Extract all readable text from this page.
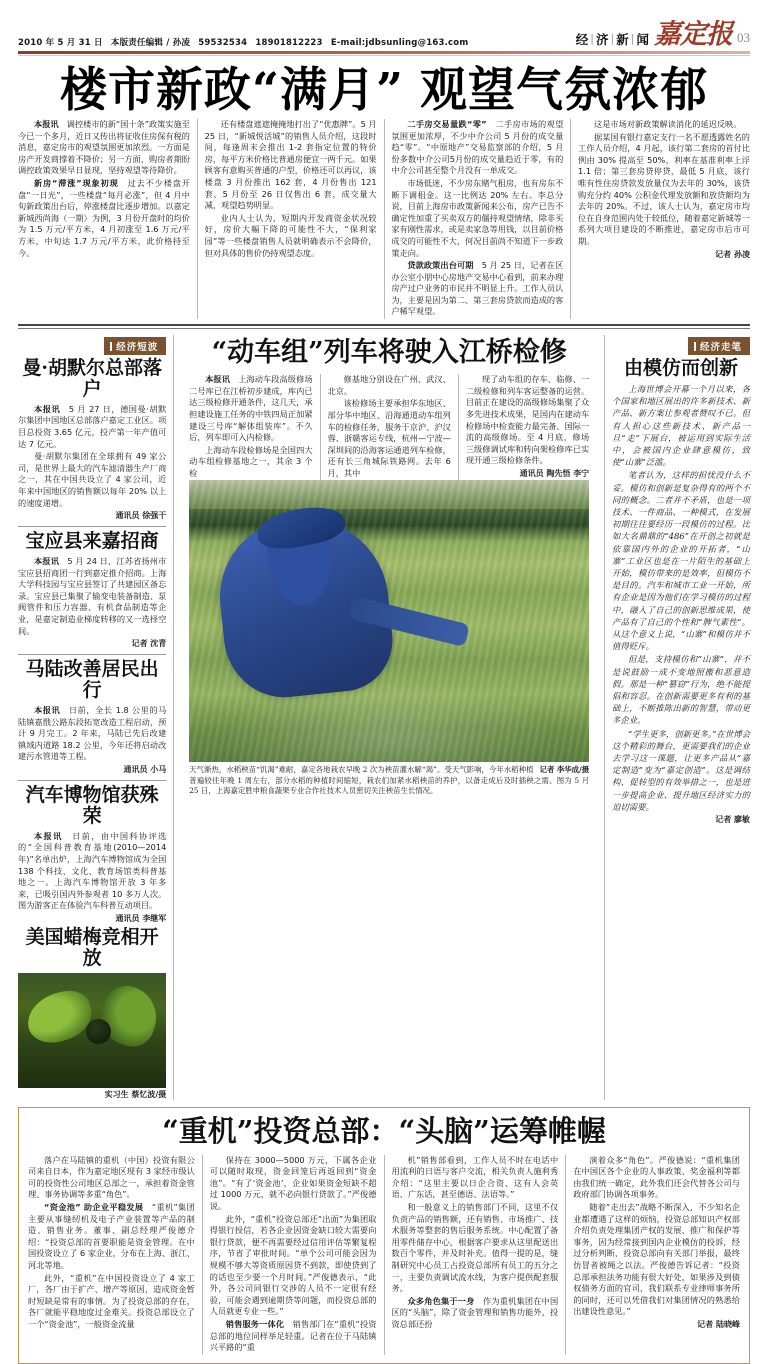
2010 年 5 月 31 日 本版责任编辑 / 孙凌 59532534 18901812223 E-mail:jdbsunling@163.com	经 | 济 | 新 | 闻 嘉定报 03
楼市新政“满月” 观望气氛浓郁

本报讯　调控楼市的新“国十条”政策实施至今已一个多月，近日又传出将征收住房保有税的消息，嘉定房市的观望氛围更加浓烈。一方面是房产开发商撑着不降价；另一方面，购房者期盼调控政策效果早日显现，坚持观望等待降价。

新房“滞涨”现象初现　过去不少楼盘开盘“一日光”，一些楼盘“每月必涨”，但 4 月中旬新政策出台后，停涨楼盘比逐步增加。以嘉定新城西尚海（一期）为例，3 月份开盘时的均价为 1.5 万元/平方米，4 月初涨至 1.6 万元/平方米，中旬达 1.7 万元/平方米，此价格持至今。

还有楼盘遮遮掩掩地打出了“优惠牌”。5 月 25 日，“新城悦活城”的销售人员介绍，这段时间，每逢周末会推出 1-2 套指定位置的特价房，每平方米价格比普通房便宜一两千元。如果顾客有意购买普通的户型，价格还可以再议，该楼盘 3 月份推出 162 套，4 月份售出 121 套，5 月份至 26 日仅售出 6 套，成交量大减，观望趋势明显。

业内人士认为，短期内开发商资金状况较好，房价大幅下降的可能性不大，“保利家园”等一些楼盘销售人员就明确表示不会降价，但对具体的售价仍持观望态度。

二手房交易量跌“零”　二手房市场的观望氛围更加浓厚，不少中介公司 5 月份的成交量趋“零”。“中原地产”交易监察部的介绍，5 月份多数中介公司5月份的成交量趋近于零，有的中介公司甚至整个月没有一单成交。

市场低迷，不少房东赌气租房，也有房东不断下调租金。这一比例达 20% 左右。李总分说，目前上海房市政策新闻来公布，房产已告不确定性加重了买卖双方的僵持观望情绪，除非买家有刚性需求，或是卖家急等用钱，以目前价格成交的可能性不大，何况目前尚不知道下一步政策走向。

贷款政策出台可期　5 月 25 日，记者在区办公室小朋中心房地产交易中心看到，前来办理房产过户业务的市民并不明显上升。工作人员认为，主要是因为第二、第三套房贷款而造成的客户稀罕观望。

这是市场对新政策解读消化的延迟反映。

据某国有银行嘉定支行一名不愿透露姓名的工作人员介绍，4 月起，该行第二套房的首付比例由 30% 提高至 50%，利率在基准利率上浮 1.1 倍；第三套房贷停贷，最低 5 月底，该行唯有性住房贷款发放量仅为去年的 30%，该贷购充分约 40% 公积金代理发放额和放贷额均为去年的 20%。不过，该人士认为，嘉定房市均位在自身范围内处于较低位，随着嘉定新城等一系列大项目建设的不断推进，嘉定房市后市可期。

记者 孙凌
经济短波
曼·胡默尔总部落户

本报讯　5 月 27 日，德国曼·胡默尔集团中国地区总部落户嘉定工业区。项目总投资 3.65 亿元，投产第一年产值可达 7 亿元。

曼·胡默尔集团在全球拥有 49 家公司，是世界上最大的汽车滤清器生产厂商之一，其在中国共设立了 4 家公司，近年来中国地区的销售额以每年 20% 以上的速度递增。

通讯员 徐强干
宝应县来嘉招商

本报讯　5 月 24 日，江苏省扬州市宝应县招商团一行到嘉定推介招商。上海大学科技园与宝应县签订了共建园区备忘录。宝应县已集聚了输变电装备制造、泵阀管件和压力容器、有机食品制造等企业，是嘉定制造业梯度转移的又一选择空间。

记者 沈青
马陆改善居民出行

本报讯　日前，全长 1.8 公里的马陆镇嘉戬公路东段拓宽改造工程启动，预计 9 月完工。2 年来，马陆已先后改建镇域内道路 18.2 公里，今年还将启动改建污水管道等工程。

通讯员 小马
汽车博物馆获殊荣

本报讯　日前，由中国科协评选的“全国科普教育基地(2010—2014 年)”名单出炉，上海汽车博物馆成为全国 138 个科技、文化、教育场馆类科普基地之一。上海汽车博物馆开放 3 年多来，已吸引国内外参观者 10 多万人次。图为游客正在体验汽车科普互动项目。

通讯员 李继军
美国蜡梅竞相开放
实习生 蔡忆波/摄
“动车组”列车将驶入江桥检修

本报讯　上海动车段高级修场二号库已在江桥初步建成，库内已达三级检修开通条件，这几天，承担建设施工任务的中铁四局正加紧建设三号库“解体组装库”。不久后，列车即可入内检修。

上海动车段检修场是全国四大动车组检修基地之一，其余 3 个检

修基地分别设在广州、武汉、北京。

该检修场主要承担华东地区、部分华中地区、沿海通道动车组列车的检修任务，服务于京沪、沪汉蓉、浙赣客运专线，杭州—宁波—深圳间的沿海客运通道列车检修，还有长三角城际铁路网。去年 6 月，其中

现了动车组的存车、临修、一二级检修和列车客运整备的运营。目前正在建设的高级修场集聚了众多先进技术成果，是国内在建动车检修场中检查能力最完备、国际一流的高级修场。至 4 月底，修场三级修调试库和转向架检修库已实现开通三级检修条件。

通讯员 陶先悟 李宁
记者 李华成/摄
天气渐热，水稻秧苗“饥渴”难耐，嘉定各地栽农早晚 2 次为秧苗灌水解“渴”。受天气影响，今年水稻种植普遍较往年晚 1 周左右，部分水稻的种植时间缩短，栽农们加紧水稻秧苗的养护，以备走成后及时插秧之需。图为 5 月 25 日，上海嘉定胜申粮食蔬果专业合作社技术人员密切关注秧苗生长情况。
经济走笔
由模仿而创新

上海世博会开幕一个月以来，各个国家和地区展出的许多新技术、新产品、新方案让参观者赞叹不已。但有人担心这些新技术、新产品一旦“走”下展台，被运用到实际生活中，会被国内企业肆意模仿，致使“山寨”泛滥。

笔者认为，这样的担忧没什么不妥。模仿和创新是复杂得有的两个不同的概念。二者并不矛盾，也是一项技术、一件商品、一种模式，在发展初期往往要经历一段模仿的过程。比如大名鼎鼎的“486”在开创之初就是依靠国内外的企业的开拓者，“山寨”工业区也是在一片陌生的基础上开始，模仿带来的是效率，但模仿不是目的。汽车和城市工业一开始，所有企业是因为他们在学习模仿的过程中，融入了自己的创新思维成果，使产品有了自己的个性和“脾气素性”。从这个意义上说，“山寨”和模仿并不值得贬斥。

但是，支持模仿和“山寨”，并不是说鼓励一成不变地照搬和恶意造假。那是一种“篡窃”行为，绝不能提倡和容忍。在创新需要更多有利的基础上，不断推陈出新的智慧，带动更多企业。

“学生更多，创新更多。”在世博会这个精彩的舞台，更需要我们的企业去学习这一课题，让更多产品从“嘉定制造”变为“嘉定创造”。这是调结构、促转型的有效举措之一，也是进一步提高企业、提升地区经济实力的迫切需要。

记者 廖敏
“重机”投资总部：“头脑”运筹帷幄

落户在马陆镇的重机（中国）投资有限公司来自日本，作为嘉定地区现有 3 家经市级认可的投资性公司地区总部之一，承担着资金管理、事务协调等多重“角色”。

“资金池” 助企业平稳发展　“重机”集团主要从事缝纫机及电子产业装置等产品的制造、销售业务。董事、副总经理严俊德介绍：“投资总部的首要职能是资金管理。在中国投资设立了 6 家企业，分布在上海、浙江、河北等地。

此外，“重机”在中国投资设立了 4 家工厂，各厂由于扩产、增产等原因，造成资金暂时短缺是常有的事情。为了投资总部的存在，各厂就能平稳地度过金难关。投资总部设立了一个“资金池”，一般资金流量

保持在 3000—5000 万元，下属各企业可以随时取现，资金回笼后再返回到“资金池”。“有了‘资金池’，企业如果资金短缺不超过 1000 万元，就不必向银行贷款了。”严俊德说。

此外，“重机”投资总部还“出面”为集团取得银行授信，若各企业因资金缺口较大需要向银行贷款，便不再需要经过信用评估等繁复程序，节省了审批时间。“单个公司可能会因为规模不够大等资质原因贷不到款，即使贷到了的话也至少要一个月时间。”严俊德表示，“此外，各公司同银行交涉的人员不一定很有经验，可能会遇到逾期贷等问题，而投资总部的人员就更专业一些。”

销售服务一体化　销售部门在“重机”投资总部的地位同样举足轻重。记者在位于马陆镇兴平路的“重

机”销售部看到，工作人员不时在电话中用流利的日语与客户交流，相关负责人施利秀介绍：“这里主要以日企合资、这有人会英语、广东话，甚至德语、法语等。”

和一般意义上的销售部门不同，这里不仅负责产品的销售额，还有销售、市场推广、技术服务等整套的售后服务系统。中心配置了备用零件储存中心，根据客户要求从这里配送出数百个零件，并及时补充。值得一提的是，缝制研究中心员工占投资总部所有员工的五分之一，主要负责调试流水线，为客户提供配套服务。

众多角色集于一身　作为重机集团在中国区的“头脑”，除了资金管理和销售功能外，投资总部还扮

演着众多“角色”。严俊德说：“重机集团在中国区各个企业的人事政策、奖金福利等都由我们统一确定，此外我们还会代替各公司与政府部门协调各项事务。

随着“走出去”战略不断深入，不少知名企业都遭遇了这样的烦恼，投资总部知识产权部介绍负责处理集团产权的发展、推广和保护等事务，因为经常接到国内企业模仿的投诉，经过分析判断，投资总部向有关部门举报，最终仿冒者被绳之以法。严俊德告诉记者：“投资总部承担法务功能有很大好处，如果涉及到债权债务方面的官司，我们联系专业律师事务所的同时，还可以凭借我们对集团情况的熟悉给出建设性意见。”

记者 陆晓峰
